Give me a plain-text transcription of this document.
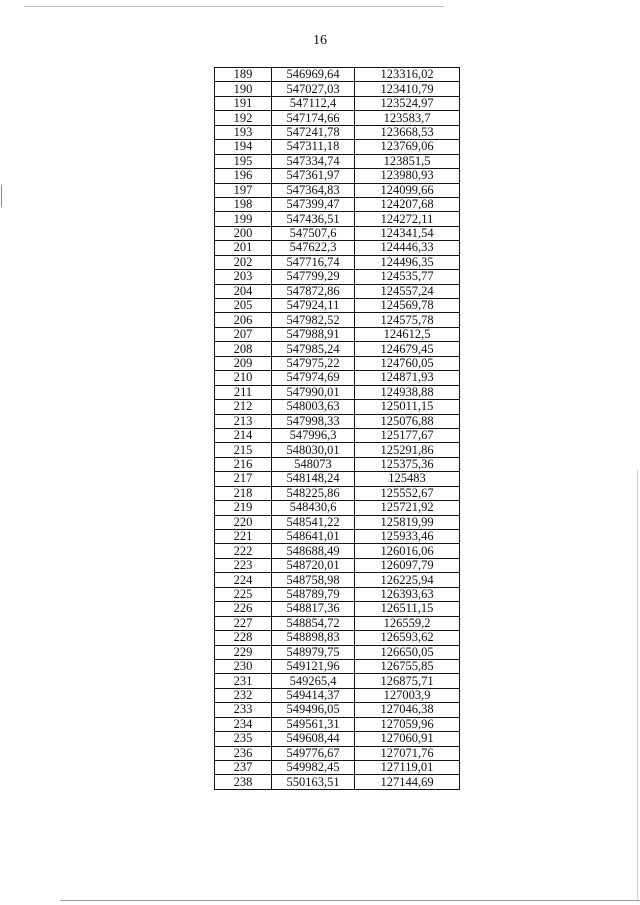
16
189	546969,64	123316,02
190	547027,03	123410,79
191	547112,4	123524,97
192	547174,66	123583,7
193	547241,78	123668,53
194	547311,18	123769,06
195	547334,74	123851,5
196	547361,97	123980,93
197	547364,83	124099,66
198	547399,47	124207,68
199	547436,51	124272,11
200	547507,6	124341,54
201	547622,3	124446,33
202	547716,74	124496,35
203	547799,29	124535,77
204	547872,86	124557,24
205	547924,11	124569,78
206	547982,52	124575,78
207	547988,91	124612,5
208	547985,24	124679,45
209	547975,22	124760,05
210	547974,69	124871,93
211	547990,01	124938,88
212	548003,63	125011,15
213	547998,33	125076,88
214	547996,3	125177,67
215	548030,01	125291,86
216	548073	125375,36
217	548148,24	125483
218	548225,86	125552,67
219	548430,6	125721,92
220	548541,22	125819,99
221	548641,01	125933,46
222	548688,49	126016,06
223	548720,01	126097,79
224	548758,98	126225,94
225	548789,79	126393,63
226	548817,36	126511,15
227	548854,72	126559,2
228	548898,83	126593,62
229	548979,75	126650,05
230	549121,96	126755,85
231	549265,4	126875,71
232	549414,37	127003,9
233	549496,05	127046,38
234	549561,31	127059,96
235	549608,44	127060,91
236	549776,67	127071,76
237	549982,45	127119,01
238	550163,51	127144,69
